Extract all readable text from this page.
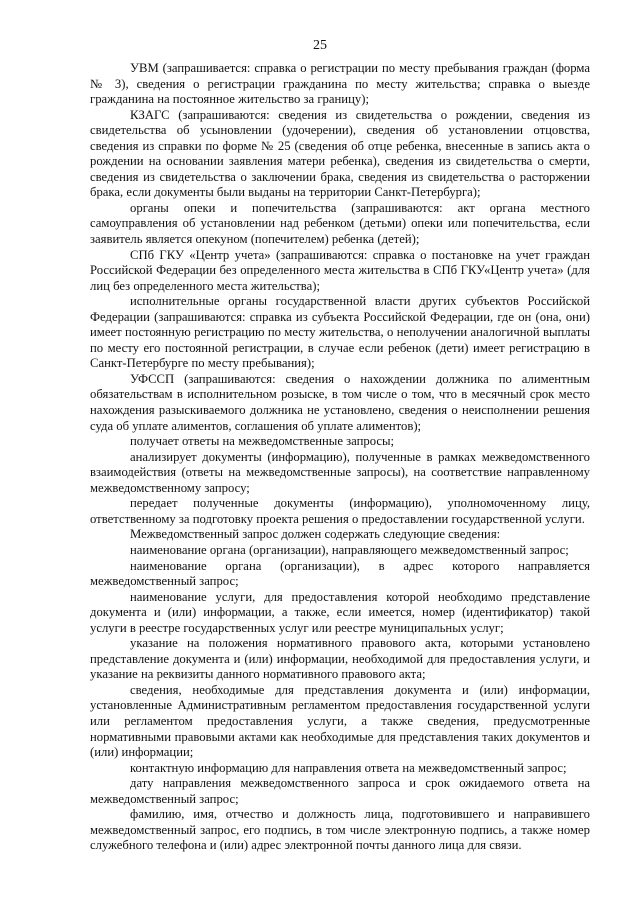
25

УВМ (запрашивается: справка о регистрации по месту пребывания граждан (форма № 3), сведения о регистрации гражданина по месту жительства; справка о выезде гражданина на постоянное жительство за границу);

КЗАГС (запрашиваются: сведения из свидетельства о рождении, сведения из свидетельства об усыновлении (удочерении), сведения об установлении отцовства, сведения из справки по форме № 25 (сведения об отце ребенка, внесенные в запись акта о рождении на основании заявления матери ребенка), сведения из свидетельства о смерти, сведения из свидетельства о заключении брака, сведения из свидетельства о расторжении брака, если документы были выданы на территории Санкт-Петербурга);

органы опеки и попечительства (запрашиваются: акт органа местного самоуправления об установлении над ребенком (детьми) опеки или попечительства, если заявитель является опекуном (попечителем) ребенка (детей);

СПб ГКУ «Центр учета» (запрашиваются: справка о постановке на учет граждан Российской Федерации без определенного места жительства в СПб ГКУ«Центр учета» (для лиц без определенного места жительства);

исполнительные органы государственной власти других субъектов Российской Федерации (запрашиваются: справка из субъекта Российской Федерации, где он (она, они) имеет постоянную регистрацию по месту жительства, о неполучении аналогичной выплаты по месту его постоянной регистрации, в случае если ребенок (дети) имеет регистрацию в Санкт-Петербурге по месту пребывания);

УФССП (запрашиваются: сведения о нахождении должника по алиментным обязательствам в исполнительном розыске, в том числе о том, что в месячный срок место нахождения разыскиваемого должника не установлено, сведения о неисполнении решения суда об уплате алиментов, соглашения об уплате алиментов);

получает ответы на межведомственные запросы;

анализирует документы (информацию), полученные в рамках межведомственного взаимодействия (ответы на межведомственные запросы), на соответствие направленному межведомственному запросу;

передает полученные документы (информацию), уполномоченному лицу, ответственному за подготовку проекта решения о предоставлении государственной услуги.

Межведомственный запрос должен содержать следующие сведения:

наименование органа (организации), направляющего межведомственный запрос;

наименование органа (организации), в адрес которого направляется межведомственный запрос;

наименование услуги, для предоставления которой необходимо представление документа и (или) информации, а также, если имеется, номер (идентификатор) такой услуги в реестре государственных услуг или реестре муниципальных услуг;

указание на положения нормативного правового акта, которыми установлено представление документа и (или) информации, необходимой для предоставления услуги, и указание на реквизиты данного нормативного правового акта;

сведения, необходимые для представления документа и (или) информации, установленные Административным регламентом предоставления государственной услуги или регламентом предоставления услуги, а также сведения, предусмотренные нормативными правовыми актами как необходимые для представления таких документов и (или) информации;

контактную информацию для направления ответа на межведомственный запрос;

дату направления межведомственного запроса и срок ожидаемого ответа на межведомственный запрос;

фамилию, имя, отчество и должность лица, подготовившего и направившего межведомственный запрос, его подпись, в том числе электронную подпись, а также номер служебного телефона и (или) адрес электронной почты данного лица для связи.
